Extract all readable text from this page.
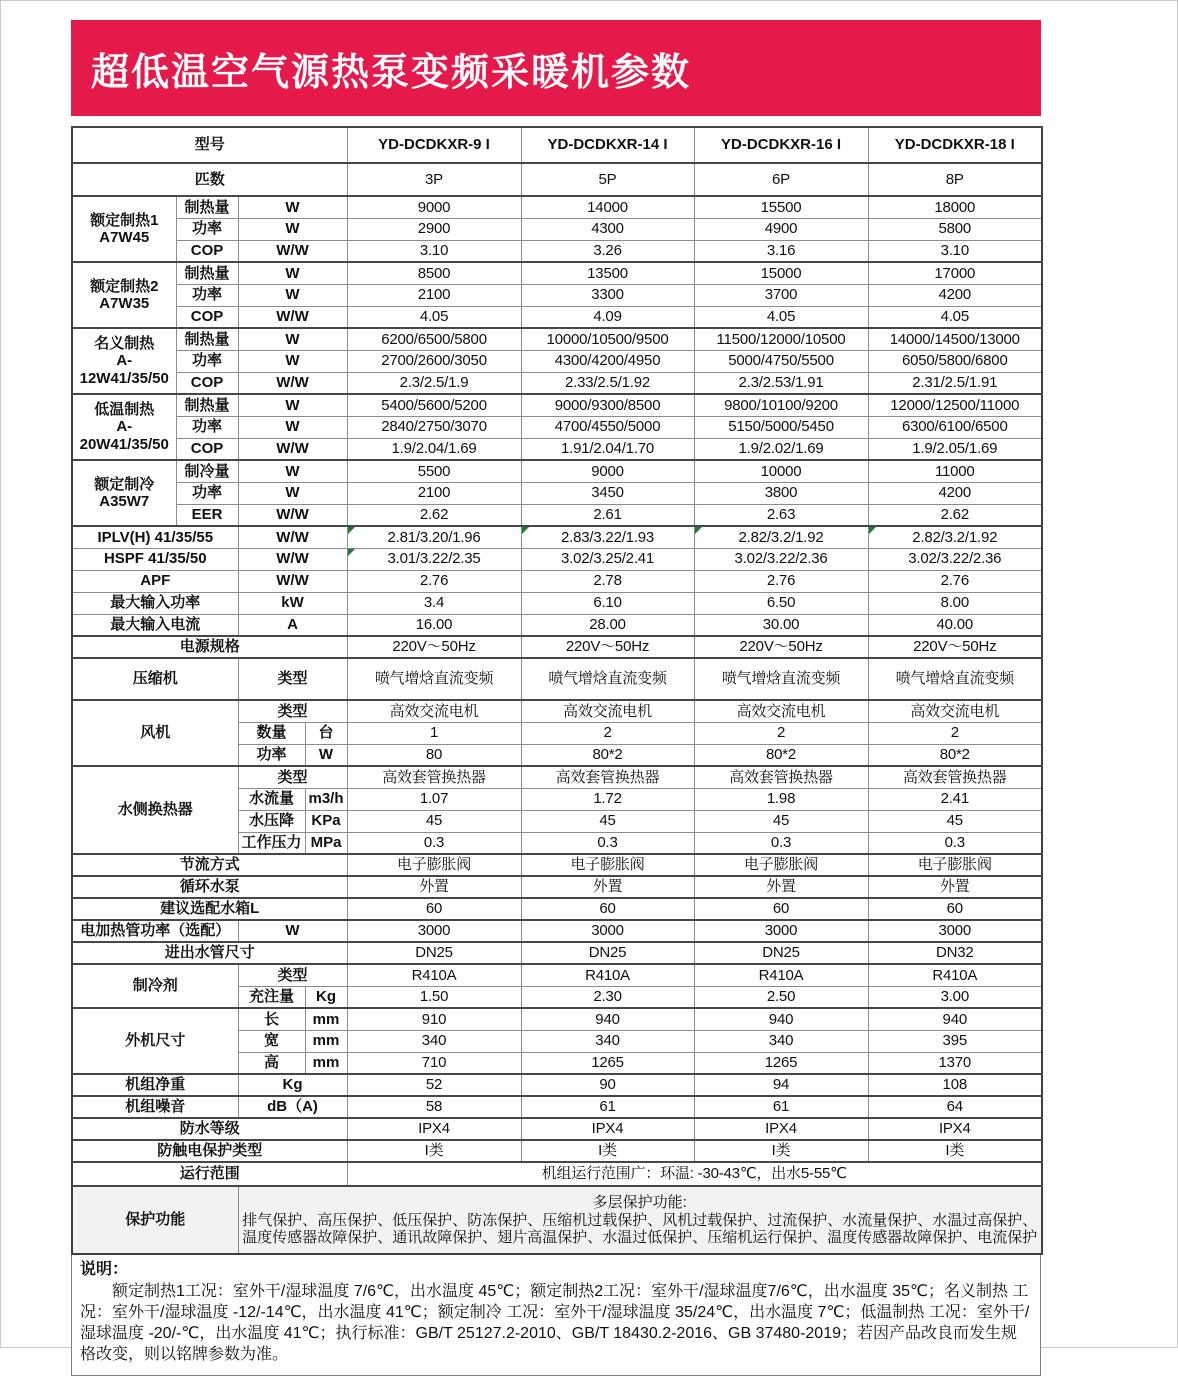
超低温空气源热泵变频采暖机参数
型号				YD-DCDKXR-9 I	YD-DCDKXR-14 I	YD-DCDKXR-16 I	YD-DCDKXR-18 I
匹数				3P	5P	6P	8P

额定制热1
A7W45	制热量	W		9000	14000	15500	18000
	功率	W		2900	4300	4900	5800
	COP	W/W		3.10	3.26	3.16	3.10

额定制热2
A7W35	制热量	W		8500	13500	15000	17000
	功率	W		2100	3300	3700	4200
	COP	W/W		4.05	4.09	4.05	4.05

名义制热
A-12W41/35/50	制热量	W		6200/6500/5800	10000/10500/9500	11500/12000/10500	14000/14500/13000
	功率	W		2700/2600/3050	4300/4200/4950	5000/4750/5500	6050/5800/6800
	COP	W/W		2.3/2.5/1.9	2.33/2.5/1.92	2.3/2.53/1.91	2.31/2.5/1.91

低温制热
A-20W41/35/50	制热量	W		5400/5600/5200	9000/9300/8500	9800/10100/9200	12000/12500/11000
	功率	W		2840/2750/3070	4700/4550/5000	5150/5000/5450	6300/6100/6500
	COP	W/W		1.9/2.04/1.69	1.91/2.04/1.70	1.9/2.02/1.69	1.9/2.05/1.69

额定制冷
A35W7	制冷量	W		5500	9000	10000	11000
	功率	W		2100	3450	3800	4200
	EER	W/W		2.62	2.61	2.63	2.62
IPLV(H) 41/35/55		W/W		2.81/3.20/1.96	2.83/3.22/1.93	2.82/3.2/1.92	2.82/3.2/1.92
HSPF 41/35/50		W/W		3.01/3.22/2.35	3.02/3.25/2.41	3.02/3.22/2.36	3.02/3.22/2.36
APF		W/W		2.76	2.78	2.76	2.76
最大输入功率		kW		3.4	6.10	6.50	8.00
最大输入电流		A		16.00	28.00	30.00	40.00
电源规格				220V～50Hz	220V～50Hz	220V～50Hz	220V～50Hz
压缩机		类型		喷气增焓直流变频	喷气增焓直流变频	喷气增焓直流变频	喷气增焓直流变频
风机		类型		高效交流电机	高效交流电机	高效交流电机	高效交流电机
		数量	台	1	2	2	2
		功率	W	80	80*2	80*2	80*2
水侧换热器		类型		高效套管换热器	高效套管换热器	高效套管换热器	高效套管换热器
		水流量	m3/h	1.07	1.72	1.98	2.41
		水压降	KPa	45	45	45	45
		工作压力	MPa	0.3	0.3	0.3	0.3
节流方式				电子膨胀阀	电子膨胀阀	电子膨胀阀	电子膨胀阀
循环水泵				外置	外置	外置	外置
建议选配水箱L				60	60	60	60
电加热管功率（选配）		W		3000	3000	3000	3000
进出水管尺寸				DN25	DN25	DN25	DN32
制冷剂		类型		R410A	R410A	R410A	R410A
		充注量	Kg	1.50	2.30	2.50	3.00
外机尺寸		长	mm	910	940	940	940
		宽	mm	340	340	340	395
		高	mm	710	1265	1265	1370
机组净重		Kg		52	90	94	108
机组噪音		dB（A)		58	61	61	64
防水等级				IPX4	IPX4	IPX4	IPX4
防触电保护类型				I类	I类	I类	I类
运行范围				机组运行范围广：环温: -30-43℃，出水5-55℃			
保护功能		多层保护功能:
排气保护、高压保护、低压保护、防冻保护、压缩机过载保护、风机过载保护、过流保护、水流量保护、水温过高保护、温度传感器故障保护、通讯故障保护、翅片高温保护、水温过低保护、压缩机运行保护、温度传感器故障保护、电流保护					
说明：
额定制热1工况：室外干/湿球温度 7/6℃，出水温度 45℃；额定制热2工况：室外干/湿球温度7/6℃，出水温度 35℃；名义制热 工况：室外干/湿球温度 -12/-14℃，出水温度 41℃；额定制冷 工况：室外干/湿球温度 35/24℃，出水温度 7℃；低温制热 工况：室外干/湿球温度 -20/-℃，出水温度 41℃；执行标准：GB/T 25127.2-2010、GB/T 18430.2-2016、GB 37480-2019；若因产品改良而发生规格改变，则以铭牌参数为准。
